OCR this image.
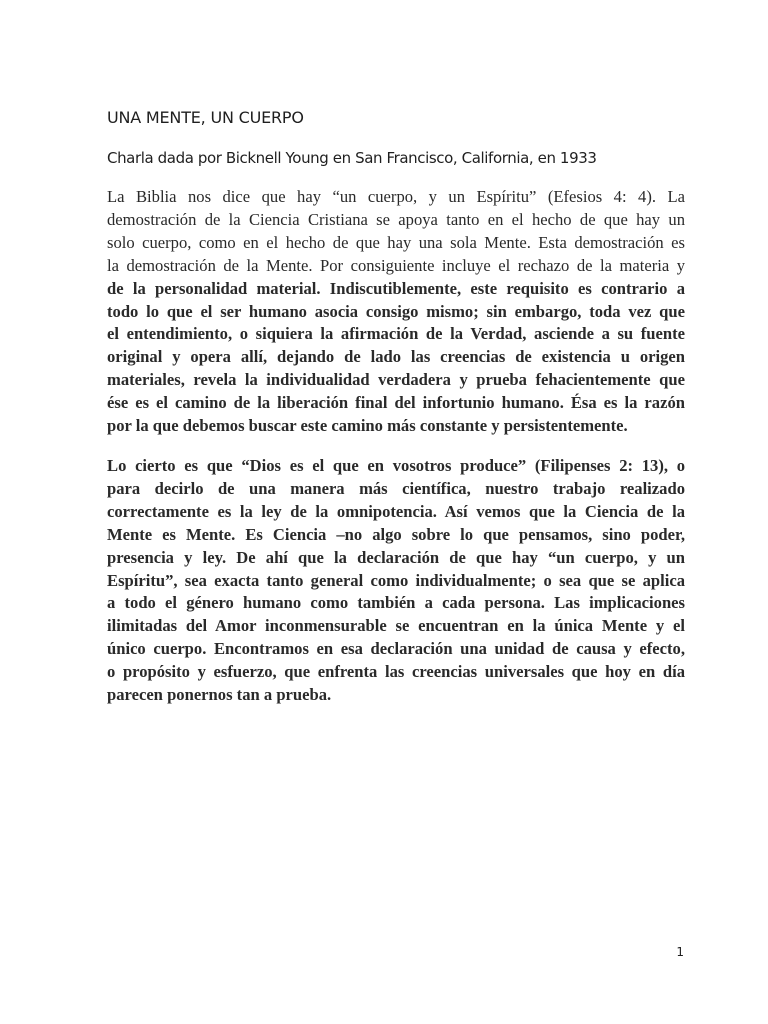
UNA MENTE, UN CUERPO
Charla dada por Bicknell Young en San Francisco, California, en 1933

La Biblia nos dice que hay “un cuerpo, y un Espíritu” (Efesios 4: 4). La
demostración de la Ciencia Cristiana se apoya tanto en el hecho de que hay un
solo cuerpo, como en el hecho de que hay una sola Mente. Esta demostración es
la demostración de la Mente. Por consiguiente incluye el rechazo de la materia y
de la personalidad material. Indiscutiblemente, este requisito es contrario a
todo lo que el ser humano asocia consigo mismo; sin embargo, toda vez que
el entendimiento, o siquiera la afirmación de la Verdad, asciende a su fuente
original y opera allí, dejando de lado las creencias de existencia u origen
materiales, revela la individualidad verdadera y prueba fehacientemente que
ése es el camino de la liberación final del infortunio humano. Ésa es la razón
por la que debemos buscar este camino más constante y persistentemente.

Lo cierto es que “Dios es el que en vosotros produce” (Filipenses 2: 13), o
para decirlo de una manera más científica, nuestro trabajo realizado
correctamente es la ley de la omnipotencia. Así vemos que la Ciencia de la
Mente es Mente. Es Ciencia –no algo sobre lo que pensamos, sino poder,
presencia y ley. De ahí que la declaración de que hay “un cuerpo, y un
Espíritu”, sea exacta tanto general como individualmente; o sea que se aplica
a todo el género humano como también a cada persona. Las implicaciones
ilimitadas del Amor inconmensurable se encuentran en la única Mente y el
único cuerpo. Encontramos en esa declaración una unidad de causa y efecto,
o propósito y esfuerzo, que enfrenta las creencias universales que hoy en día
parecen ponernos tan a prueba.

1
